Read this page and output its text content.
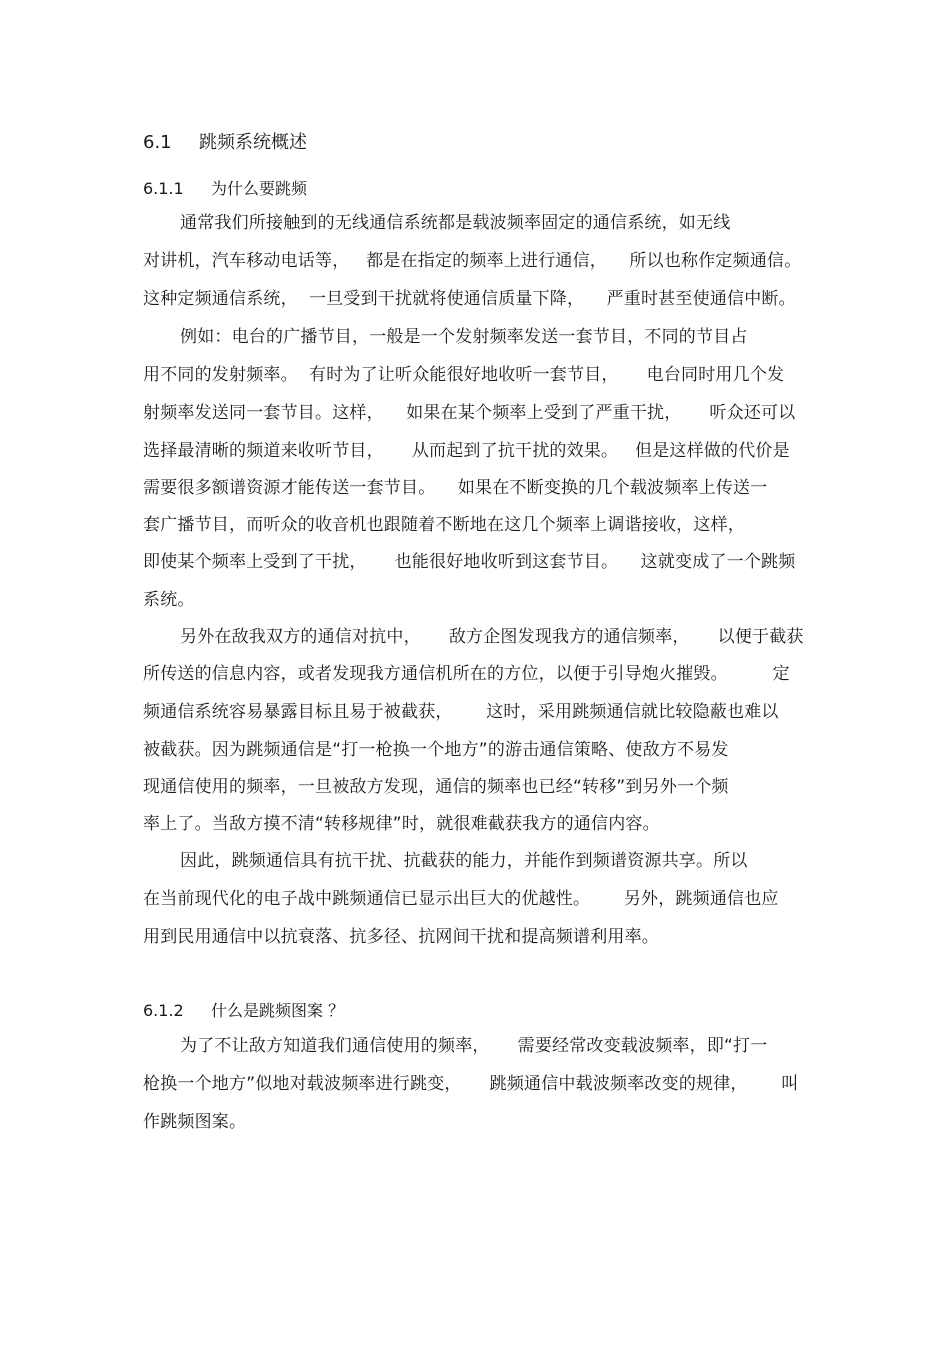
6.1 跳频系统概述
6.1.1 为什么要跳频
通常我们所接触到的无线通信系统都是载波频率固定的通信系统，如无线
对讲机，汽车移动电话等，   都是在指定的频率上进行通信，    所以也称作定频通信。
这种定频通信系统，  一旦受到干扰就将使通信质量下降，    严重时甚至使通信中断。
例如：电台的广播节目，一般是一个发射频率发送一套节目，不同的节目占
用不同的发射频率。  有时为了让听众能很好地收听一套节目，     电台同时用几个发
射频率发送同一套节目。这样，    如果在某个频率上受到了严重干扰，     听众还可以
选择最清晰的频道来收听节目，     从而起到了抗干扰的效果。   但是这样做的代价是
需要很多额谱资源才能传送一套节目。    如果在不断变换的几个载波频率上传送一
套广播节目，而听众的收音机也跟随着不断地在这几个频率上调谐接收，这样，
即使某个频率上受到了干扰，     也能很好地收听到这套节目。    这就变成了一个跳频
系统。
另外在敌我双方的通信对抗中，     敌方企图发现我方的通信频率，     以便于截获
所传送的信息内容，或者发现我方通信机所在的方位，以便于引导炮火摧毁。        定
频通信系统容易暴露目标且易于被截获，      这时，采用跳频通信就比较隐蔽也难以
被截获。因为跳频通信是“打一枪换一个地方”的游击通信策略、使敌方不易发
现通信使用的频率，一旦被敌方发现，通信的频率也已经“转移”到另外一个频
率上了。当敌方摸不清“转移规律”时，就很难截获我方的通信内容。
因此，跳频通信具有抗干扰、抗截获的能力，并能作到频谱资源共享。所以
在当前现代化的电子战中跳频通信已显示出巨大的优越性。      另外，跳频通信也应
用到民用通信中以抗衰落、抗多径、抗网间干扰和提高频谱利用率。
6.1.2 什么是跳频图案 ？
为了不让敌方知道我们通信使用的频率，     需要经常改变载波频率，即“打一
枪换一个地方”似地对载波频率进行跳变，     跳频通信中载波频率改变的规律，      叫
作跳频图案。
